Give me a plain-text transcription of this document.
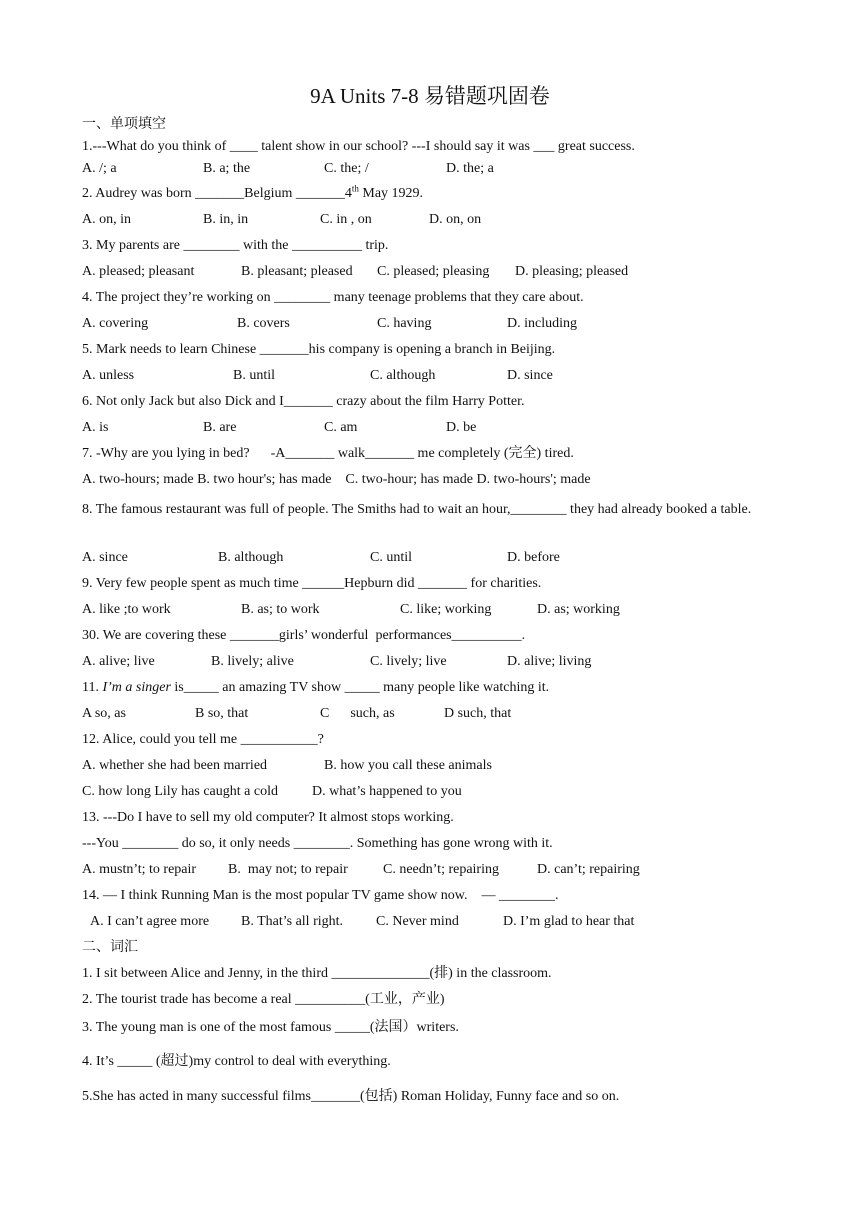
9A Units 7-8 易错题巩固卷
一、单项填空
1.---What do you think of ____ talent show in our school? ---I should say it was ___ great success.
A. /; a	B. a; the	C. the; /	D. the; a
2. Audrey was born _______Belgium _______4th May 1929.
A. on, in	B. in, in	C. in , on	D. on, on
3. My parents are ________ with the __________ trip.
A. pleased; pleasant	B. pleasant; pleased C. pleased; pleasing D. pleasing; pleased
4. The project they’re working on ________ many teenage problems that they care about.
A. covering	B. covers	C. having	D. including
5. Mark needs to learn Chinese _______his company is opening a branch in Beijing.
A. unless	B. until	C. although	D. since
6. Not only Jack but also Dick and I_______ crazy about the film Harry Potter.
A. is	B. are	C. am	D. be
7. -Why are you lying in bed?      -A_______ walk_______ me completely (完全) tired.
A. two-hours; made B. two hour's; has made    C. two-hour; has made D. two-hours'; made
8. The famous restaurant was full of people. The Smiths had to wait an hour,________ they had already booked a table.
A. since	B. although	C. until	D. before
9. Very few people spent as much time ______Hepburn did _______ for charities.
A. like ;to work	B. as; to work	C. like; working	D. as; working
30. We are covering these _______girls’ wonderful  performances__________.
A. alive; live	B. lively; alive	C. lively; live	D. alive; living
11. I’m a singer is_____ an amazing TV show _____ many people like watching it.
A so, as	B so, that	C      such, as	D such, that
12. Alice, could you tell me ___________?
A. whether she had been married	B. how you call these animals
C. how long Lily has caught a cold D. what’s happened to you
13. ---Do I have to sell my old computer? It almost stops working.
---You ________ do so, it only needs ________. Something has gone wrong with it.
A. mustn’t; to repair B.  may not; to repair	C. needn’t; repairing	D. can’t; repairing
14. — I think Running Man is the most popular TV game show now.    — ________.
A. I can’t agree more B. That’s all right. C. Never mind	D. I’m glad to hear that
二、词汇
1. I sit between Alice and Jenny, in the third ______________(排) in the classroom.
2. The tourist trade has become a real __________(工业，产业)
3. The young man is one of the most famous _____(法国）writers.
4. It’s _____ (超过)my control to deal with everything.
5.She has acted in many successful films_______(包括) Roman Holiday, Funny face and so on.
